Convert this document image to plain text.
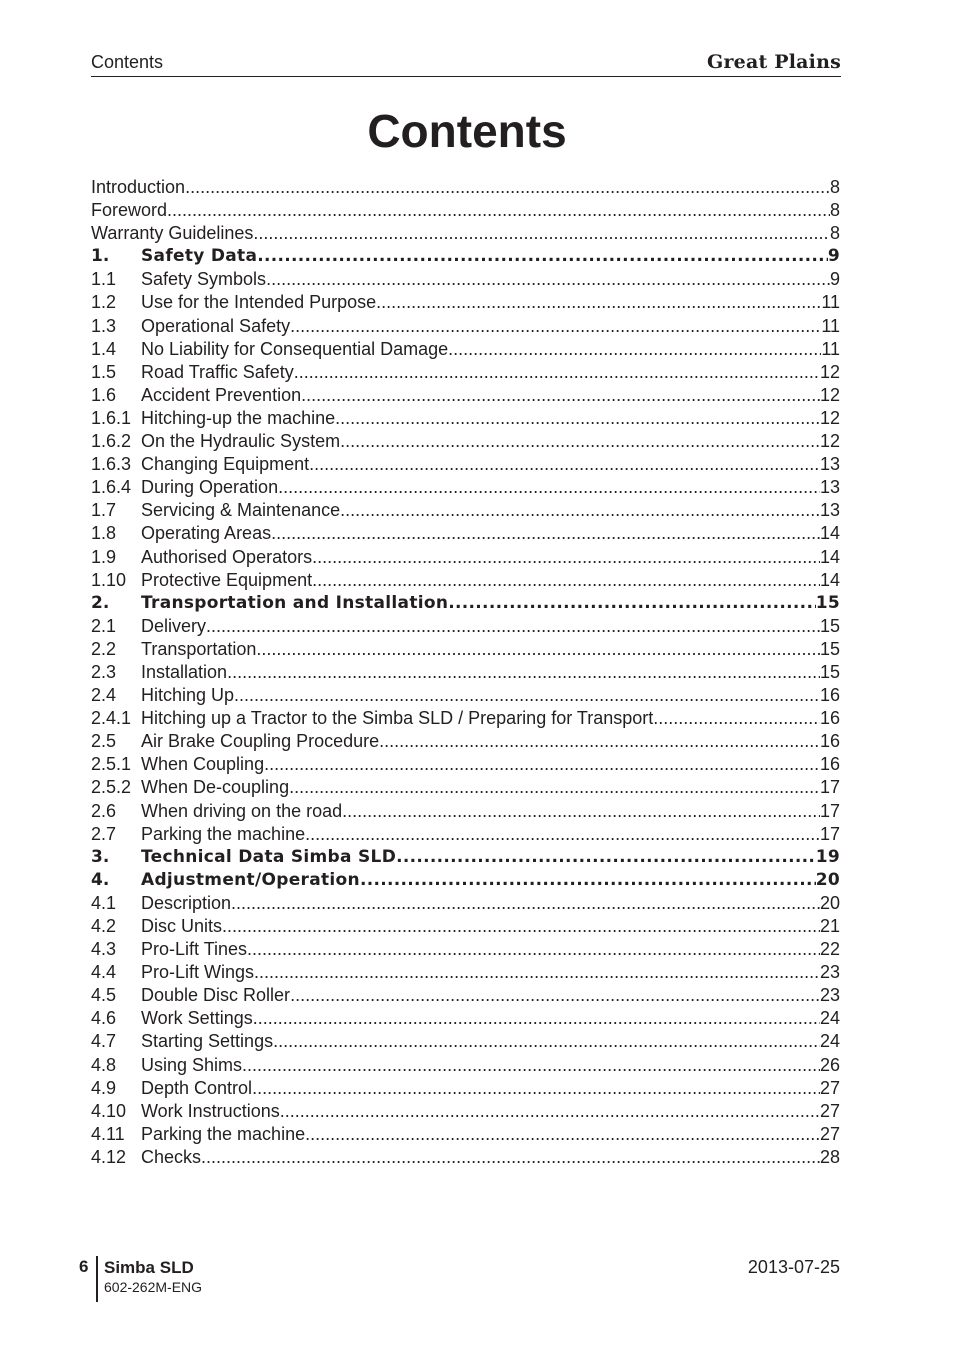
Contents	Great Plains
Contents
Introduction .....	8
Foreword .....	8
Warranty Guidelines .....	8
1.	Safety Data .....	9
1.1	Safety Symbols .....	9
1.2	Use for the Intended Purpose .....	11
1.3	Operational Safety .....	11
1.4	No Liability for Consequential Damage .....	11
1.5	Road Traffic Safety .....	12
1.6	Accident Prevention .....	12
1.6.1 Hitching-up the machine .....	12
1.6.2 On the Hydraulic System .....	12
1.6.3 Changing Equipment .....	13
1.6.4 During Operation .....	13
1.7	Servicing & Maintenance .....	13
1.8	Operating Areas .....	14
1.9	Authorised Operators .....	14
1.10 Protective Equipment .....	14
2.	Transportation and Installation .....	15
2.1	Delivery .....	15
2.2	Transportation .....	15
2.3	Installation .....	15
2.4	Hitching Up .....	16
2.4.1 Hitching up a Tractor to the Simba SLD / Preparing for Transport .....	16
2.5	Air Brake Coupling Procedure .....	16
2.5.1 When Coupling .....	16
2.5.2 When De-coupling .....	17
2.6	When driving on the road .....	17
2.7	Parking the machine .....	17
3.	Technical Data Simba SLD .....	19
4.	Adjustment/Operation .....	20
4.1	Description .....	20
4.2	Disc Units .....	21
4.3	Pro-Lift Tines .....	22
4.4	Pro-Lift Wings .....	23
4.5	Double Disc Roller .....	23
4.6	Work Settings .....	24
4.7	Starting Settings .....	24
4.8	Using Shims .....	26
4.9	Depth Control .....	27
4.10 Work Instructions .....	27
4.11 Parking the machine .....	27
4.12 Checks .....	28
6 Simba SLD
602-262M-ENG
2013-07-25
